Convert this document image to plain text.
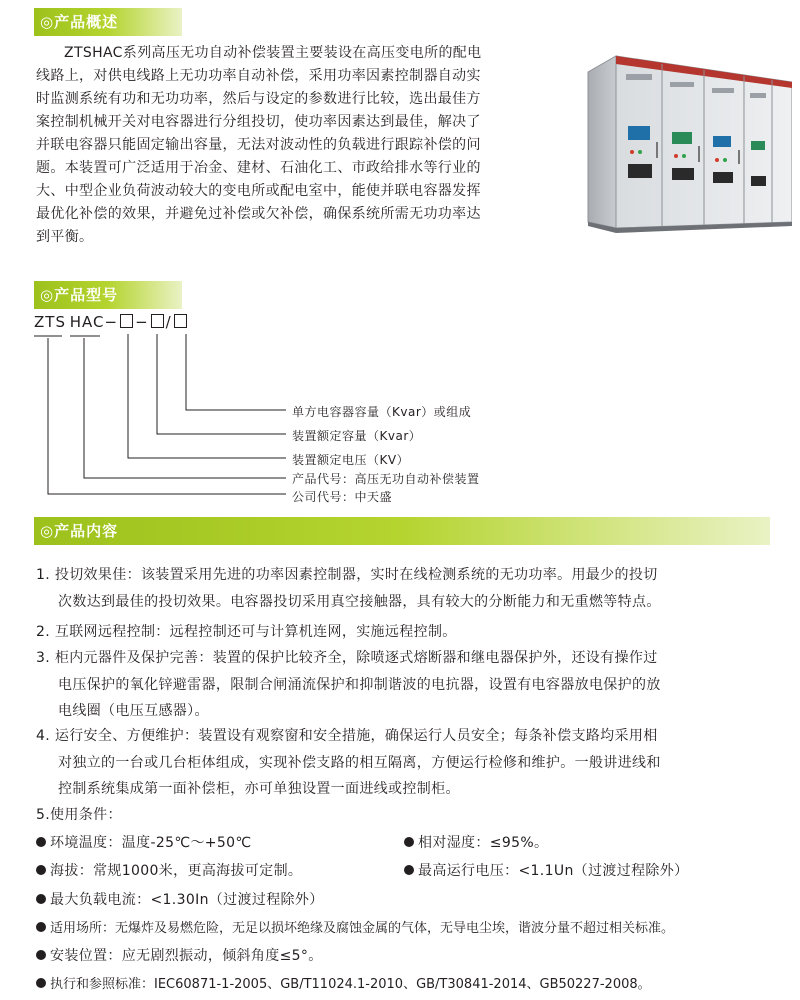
◎产品概述
ZTSHAC系列高压无功自动补偿装置主要装设在高压变电所的配电
线路上，对供电线路上无功功率自动补偿，采用功率因素控制器自动实
时监测系统有功和无功功率，然后与设定的参数进行比较，选出最佳方
案控制机械开关对电容器进行分组投切，使功率因素达到最佳，解决了
并联电容器只能固定输出容量，无法对波动性的负载进行跟踪补偿的问
题。本装置可广泛适用于冶金、建材、石油化工、市政给排水等行业的
大、中型企业负荷波动较大的变电所或配电室中，能使并联电容器发挥
最优化补偿的效果，并避免过补偿或欠补偿，确保系统所需无功功率达
到平衡。
◎产品型号
ZTS HAC− − /
单方电容器容量（Kvar）或组成
装置额定容量（Kvar）
装置额定电压（KV）
产品代号：高压无功自动补偿装置
公司代号：中天盛
◎产品内容
1. 投切效果佳：该装置采用先进的功率因素控制器，实时在线检测系统的无功功率。用最少的投切
次数达到最佳的投切效果。电容器投切采用真空接触器，具有较大的分断能力和无重燃等特点。
2. 互联网远程控制：远程控制还可与计算机连网，实施远程控制。
3. 柜内元器件及保护完善：装置的保护比较齐全，除喷逐式熔断器和继电器保护外，还设有操作过
电压保护的氧化锌避雷器，限制合闸涌流保护和抑制谐波的电抗器，设置有电容器放电保护的放
电线圈（电压互感器）。
4. 运行安全、方便维护：装置设有观察窗和安全措施，确保运行人员安全；每条补偿支路均采用相
对独立的一台或几台柜体组成，实现补偿支路的相互隔离，方便运行检修和维护。一般讲进线和
控制系统集成第一面补偿柜，亦可单独设置一面进线或控制柜。
5.使用条件：
环境温度：温度-25℃～+50℃	相对湿度：≤95%。
海拔：常规1000米，更高海拔可定制。	最高运行电压：<1.1Un（过渡过程除外）
最大负载电流：<1.30In（过渡过程除外）
适用场所：无爆炸及易燃危险，无足以损坏绝缘及腐蚀金属的气体，无导电尘埃，谐波分量不超过相关标准。
安装位置：应无剧烈振动，倾斜角度≤5°。
执行和参照标准：IEC60871-1-2005、GB/T11024.1-2010、GB/T30841-2014、GB50227-2008。
